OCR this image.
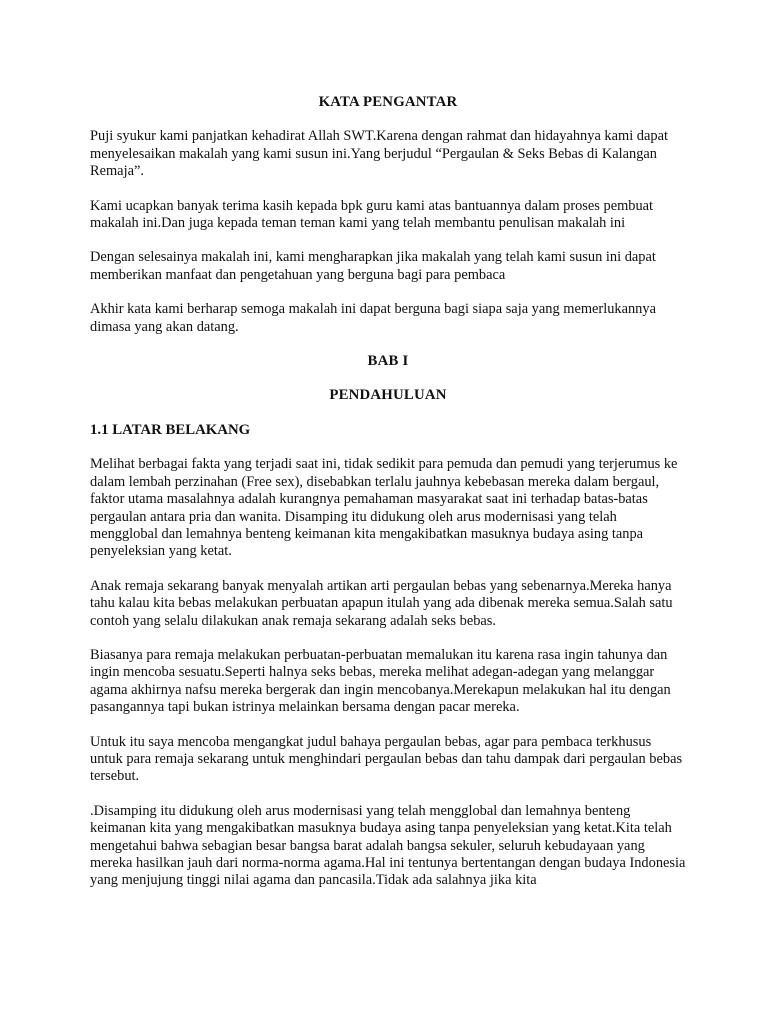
KATA PENGANTAR

Puji syukur kami panjatkan kehadirat Allah SWT.Karena dengan rahmat dan hidayahnya kami dapat menyelesaikan makalah yang kami susun ini.Yang berjudul “Pergaulan & Seks Bebas di Kalangan Remaja”.

Kami ucapkan banyak terima kasih kepada bpk guru kami atas bantuannya dalam proses pembuat makalah ini.Dan juga kepada teman teman kami yang telah membantu penulisan makalah ini

Dengan selesainya makalah ini, kami mengharapkan jika makalah yang telah kami susun ini dapat memberikan manfaat dan pengetahuan yang berguna bagi para pembaca

Akhir kata kami berharap semoga makalah ini dapat berguna bagi siapa saja yang memerlukannya dimasa yang akan datang.

BAB I
PENDAHULUAN
1.1 LATAR BELAKANG

Melihat berbagai fakta yang terjadi saat ini, tidak sedikit para pemuda dan pemudi yang terjerumus ke dalam lembah perzinahan (Free sex), disebabkan terlalu jauhnya kebebasan mereka dalam bergaul, faktor utama masalahnya adalah kurangnya pemahaman masyarakat saat ini terhadap batas-batas pergaulan antara pria dan wanita. Disamping itu didukung oleh arus modernisasi yang telah mengglobal dan lemahnya benteng keimanan kita mengakibatkan masuknya budaya asing tanpa penyeleksian yang ketat.

Anak remaja sekarang banyak menyalah artikan arti pergaulan bebas yang sebenarnya.Mereka hanya tahu kalau kita bebas melakukan perbuatan apapun itulah yang ada dibenak mereka semua.Salah satu contoh yang selalu dilakukan anak remaja sekarang adalah seks bebas.

Biasanya para remaja melakukan perbuatan-perbuatan memalukan itu karena rasa ingin tahunya dan ingin mencoba sesuatu.Seperti halnya seks bebas, mereka melihat adegan-adegan yang melanggar agama akhirnya nafsu mereka bergerak dan ingin mencobanya.Merekapun melakukan hal itu dengan pasangannya tapi bukan istrinya melainkan bersama dengan pacar mereka.

Untuk itu saya mencoba mengangkat judul bahaya pergaulan bebas, agar para pembaca terkhusus untuk para remaja sekarang untuk menghindari pergaulan bebas dan tahu dampak dari pergaulan bebas tersebut.

.Disamping itu didukung oleh arus modernisasi yang telah mengglobal dan lemahnya benteng keimanan kita yang mengakibatkan masuknya budaya asing tanpa penyeleksian yang ketat.Kita telah mengetahui bahwa sebagian besar bangsa barat adalah bangsa sekuler, seluruh kebudayaan yang mereka hasilkan jauh dari norma-norma agama.Hal ini tentunya bertentangan dengan budaya Indonesia yang menjujung tinggi nilai agama dan pancasila.Tidak ada salahnya jika kita
